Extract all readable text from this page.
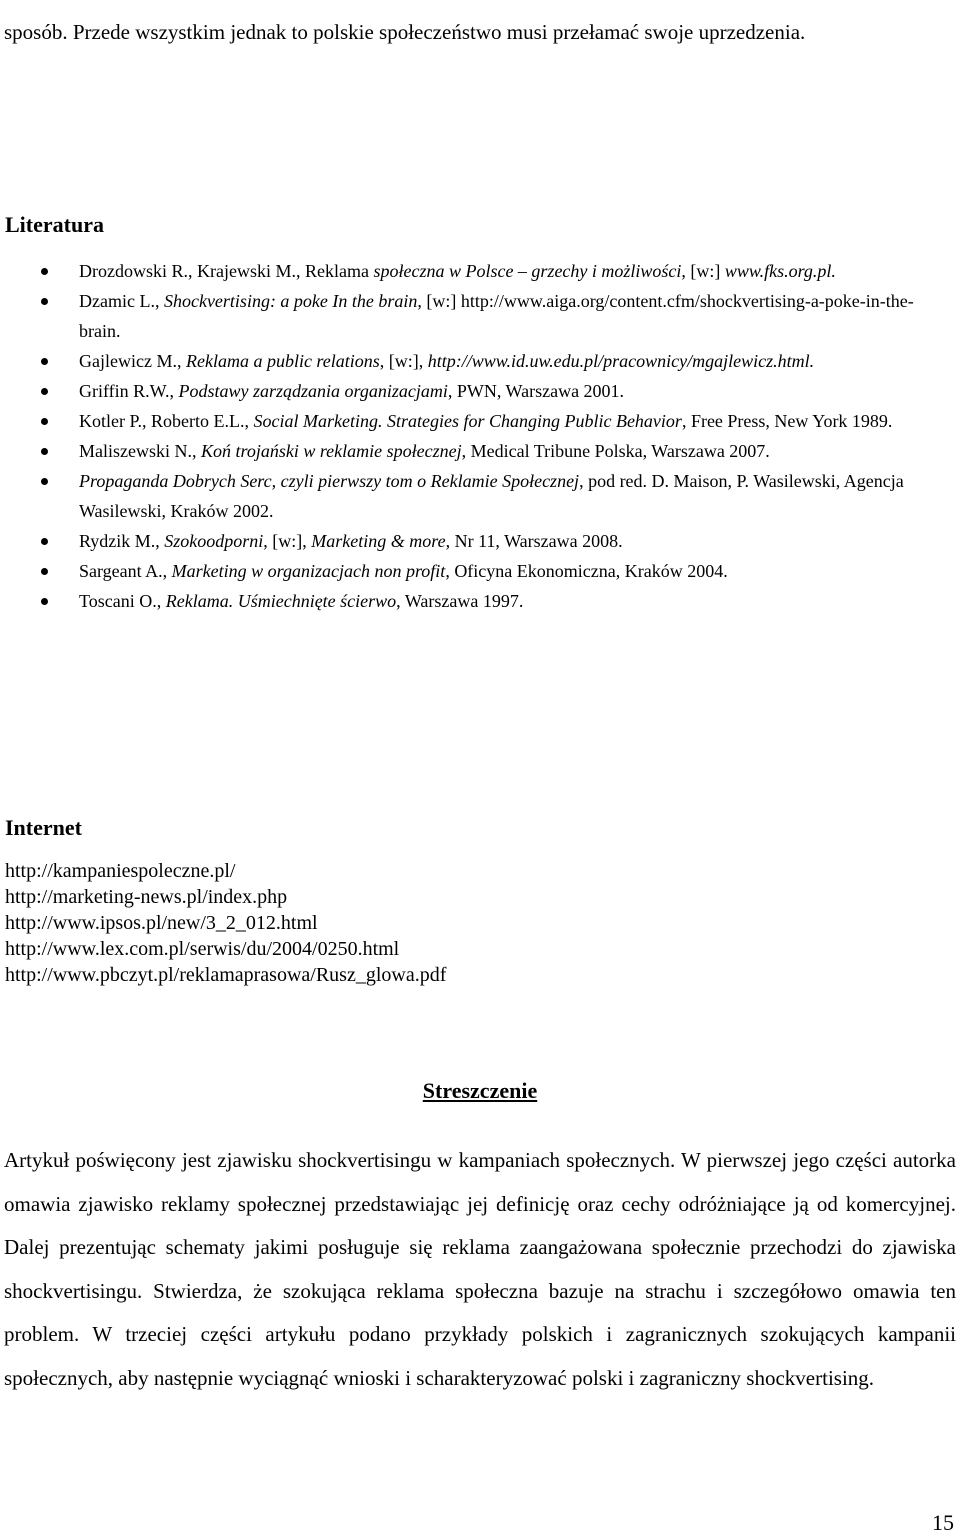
sposób. Przede wszystkim jednak to polskie społeczeństwo musi przełamać swoje uprzedzenia.

Literatura
Drozdowski R., Krajewski M., Reklama społeczna w Polsce – grzechy i możliwości, [w:] www.fks.org.pl.
Dzamic L., Shockvertising: a poke In the brain, [w:] http://www.aiga.org/content.cfm/shockvertising-a-poke-in-the-brain.
Gajlewicz M., Reklama a public relations, [w:], http://www.id.uw.edu.pl/pracownicy/mgajlewicz.html.
Griffin R.W., Podstawy zarządzania organizacjami, PWN, Warszawa 2001.
Kotler P., Roberto E.L., Social Marketing. Strategies for Changing Public Behavior, Free Press, New York 1989.
Maliszewski N., Koń trojański w reklamie społecznej, Medical Tribune Polska, Warszawa 2007.
Propaganda Dobrych Serc, czyli pierwszy tom o Reklamie Społecznej, pod red. D. Maison, P. Wasilewski, Agencja Wasilewski, Kraków 2002.
Rydzik M., Szokoodporni, [w:], Marketing & more, Nr 11, Warszawa 2008.
Sargeant A., Marketing w organizacjach non profit, Oficyna Ekonomiczna, Kraków 2004.
Toscani O., Reklama. Uśmiechnięte ścierwo, Warszawa 1997.
Internet
http://kampaniespoleczne.pl/
http://marketing-news.pl/index.php
http://www.ipsos.pl/new/3_2_012.html
http://www.lex.com.pl/serwis/du/2004/0250.html
http://www.pbczyt.pl/reklamaprasowa/Rusz_glowa.pdf
Streszczenie

Artykuł poświęcony jest zjawisku shockvertisingu w kampaniach społecznych. W pierwszej jego części autorka omawia zjawisko reklamy społecznej przedstawiając jej definicję oraz cechy odróżniające ją od komercyjnej. Dalej prezentując schematy jakimi posługuje się reklama zaangażowana społecznie przechodzi do zjawiska shockvertisingu. Stwierdza, że szokująca reklama społeczna bazuje na strachu i szczegółowo omawia ten problem. W trzeciej części artykułu podano przykłady polskich i zagranicznych szokujących kampanii społecznych, aby następnie wyciągnąć wnioski i scharakteryzować polski i zagraniczny shockvertising.

15
